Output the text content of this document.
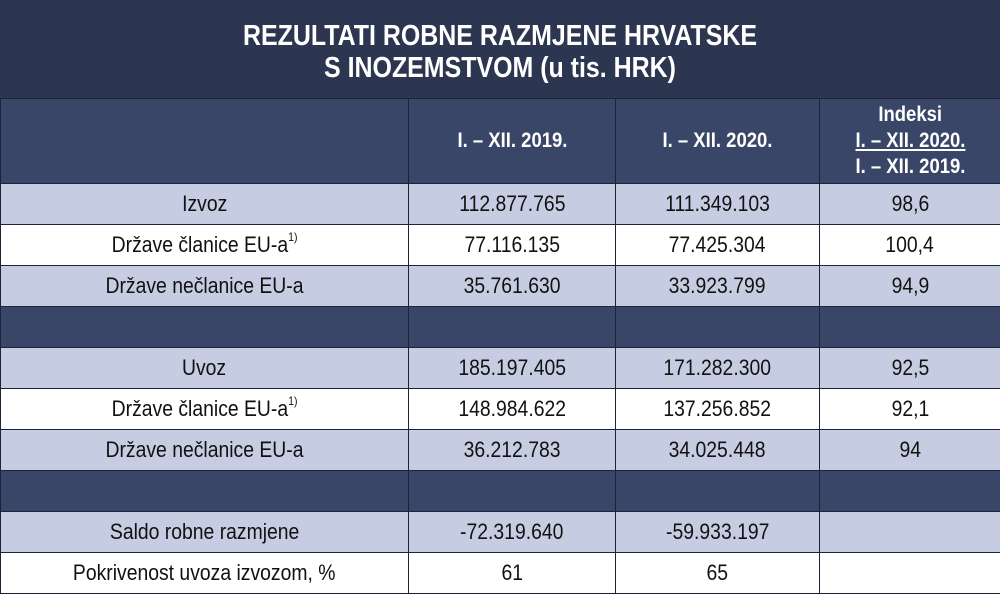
REZULTATI ROBNE RAZMJENE HRVATSKE
S INOZEMSTVOM (u tis. HRK)
	I. – XII. 2019.	I. – XII. 2020.	Indeksi
I. – XII. 2020.
I. – XII. 2019.
Izvoz	112.877.765	111.349.103	98,6
Države članice $EU-a^{1)}$	77.116.135	77.425.304	100,4
Države nečlanice EU-a	35.761.630	33.923.799	94,9

Uvoz	185.197.405	171.282.300	92,5
Države članice $EU-a^{1)}$	148.984.622	137.256.852	92,1
Države nečlanice EU-a	36.212.783	34.025.448	94

Saldo robne razmjene	-72.319.640	-59.933.197	
Pokrivenost uvoza izvozom, %	61	65	
